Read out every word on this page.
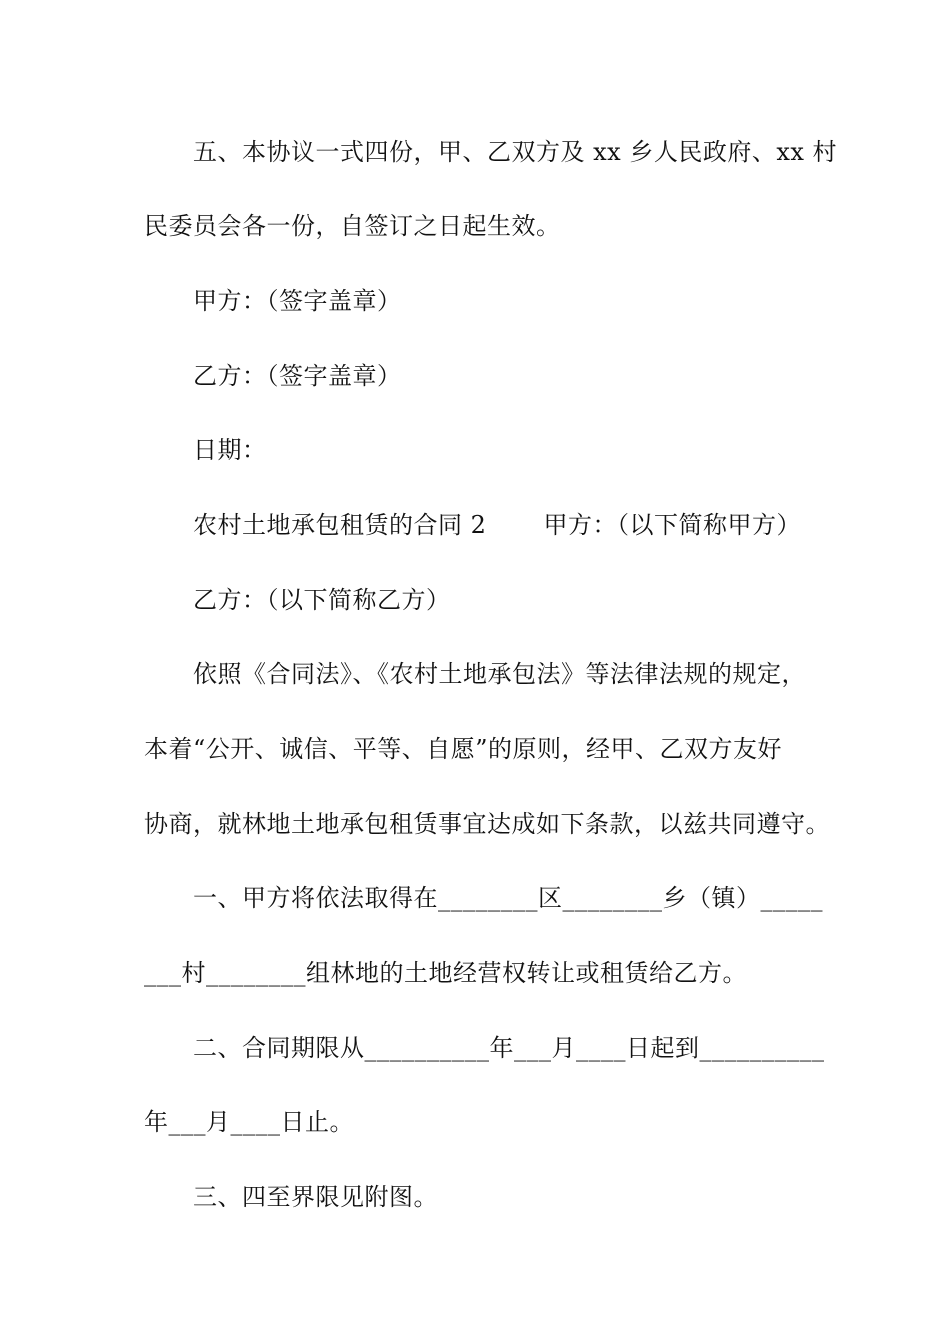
五、本协议一式四份，甲、乙双方及 xx 乡人民政府、xx 村
民委员会各一份，自签订之日起生效。
甲方：（签字盖章）
乙方：（签字盖章）
日期：
农村土地承包租赁的合同 2　　 甲方：（以下简称甲方）
乙方：（以下简称乙方）
依照《合同法》、《农村土地承包法》等法律法规的规定，
本着“公开、诚信、平等、自愿”的原则，经甲、乙双方友好
协商，就林地土地承包租赁事宜达成如下条款，以兹共同遵守。
一、甲方将依法取得在________区________乡（镇）_____
___村________组林地的土地经营权转让或租赁给乙方。
二、合同期限从__________年___月____日起到__________
年___月____日止。
三、四至界限见附图。
